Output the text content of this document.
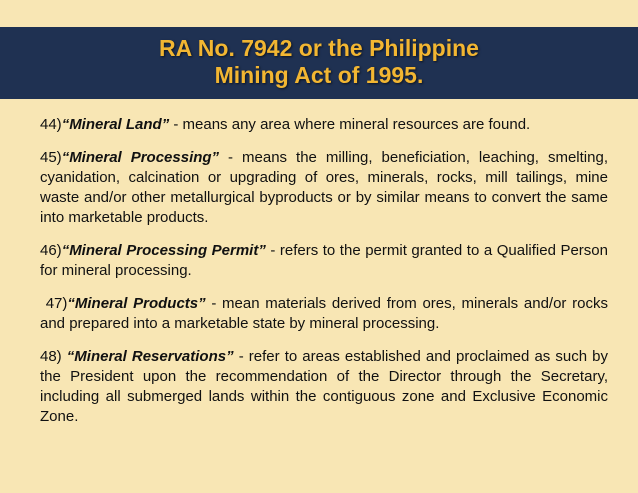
RA No. 7942 or the Philippine
Mining Act of 1995.

44)“Mineral Land” - means any area where mineral resources are found.

45)“Mineral Processing” - means the milling, beneficiation, leaching, smelting, cyanidation, calcination or upgrading of ores, minerals, rocks, mill tailings, mine waste and/or other metallurgical byproducts or by similar means to convert the same into marketable products.

46)“Mineral Processing Permit” - refers to the permit granted to a Qualified Person for mineral processing.

47)“Mineral Products” - mean materials derived from ores, minerals and/or rocks and prepared into a marketable state by mineral processing.

48) “Mineral Reservations” - refer to areas established and proclaimed as such by the President upon the recommendation of the Director through the Secretary, including all submerged lands within the contiguous zone and Exclusive Economic Zone.
